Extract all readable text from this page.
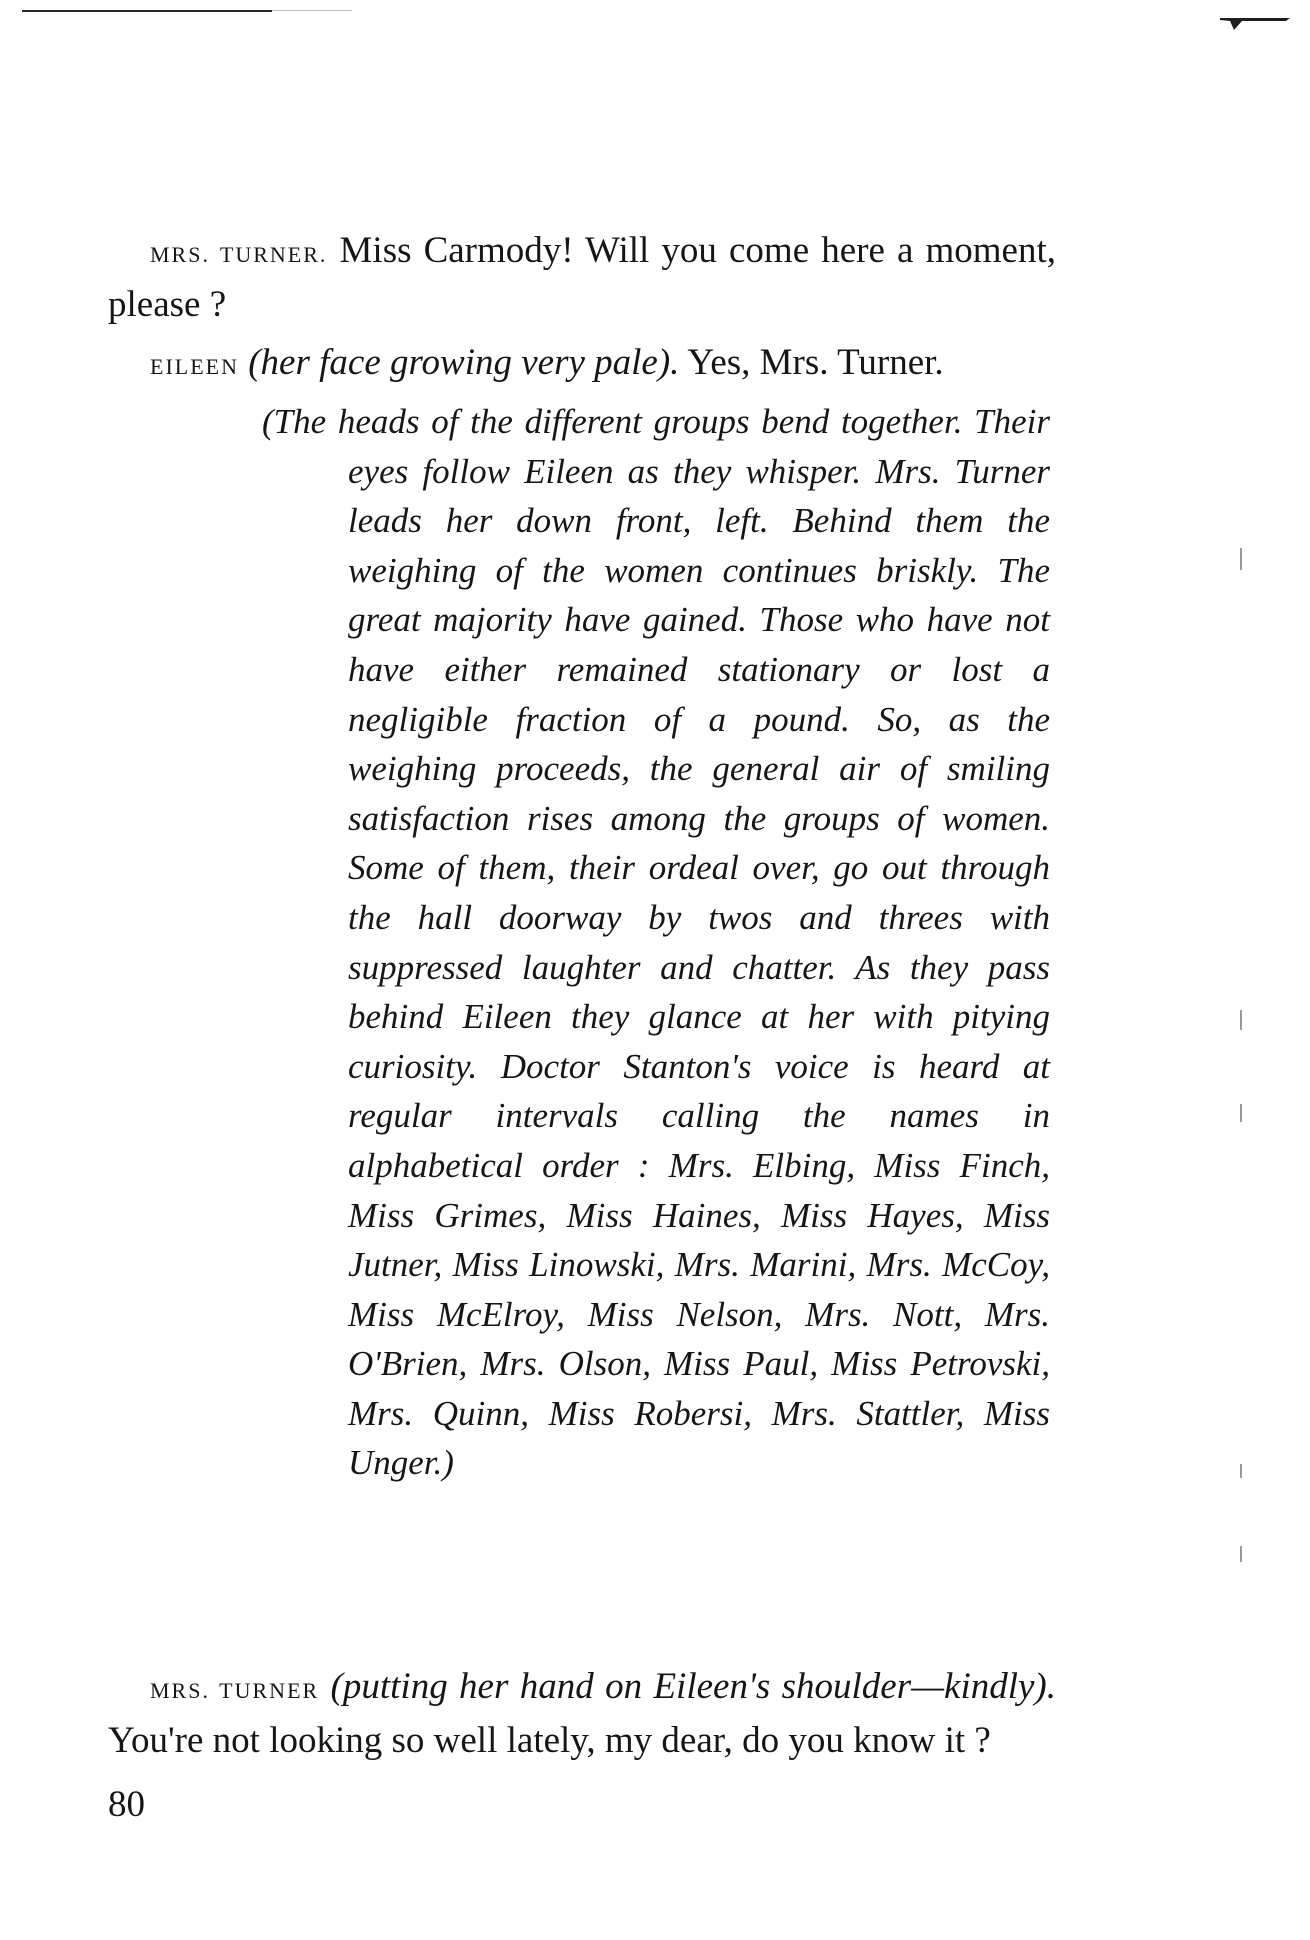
MRS. TURNER. Miss Carmody! Will you come here a moment, please ?
EILEEN (her face growing very pale). Yes, Mrs. Turner.
(The heads of the different groups bend together. Their eyes follow Eileen as they whisper. Mrs. Turner leads her down front, left. Behind them the weighing of the women continues briskly. The great majority have gained. Those who have not have either remained stationary or lost a negligible fraction of a pound. So, as the weighing proceeds, the general air of smiling satisfaction rises among the groups of women. Some of them, their ordeal over, go out through the hall doorway by twos and threes with suppressed laughter and chatter. As they pass behind Eileen they glance at her with pitying curiosity. Doctor Stanton's voice is heard at regular intervals calling the names in alphabetical order : Mrs. Elbing, Miss Finch, Miss Grimes, Miss Haines, Miss Hayes, Miss Jutner, Miss Linowski, Mrs. Marini, Mrs. McCoy, Miss McElroy, Miss Nelson, Mrs. Nott, Mrs. O'Brien, Mrs. Olson, Miss Paul, Miss Petrovski, Mrs. Quinn, Miss Robersi, Mrs. Stattler, Miss Unger.)
MRS. TURNER (putting her hand on Eileen's shoulder—kindly). You're not looking so well lately, my dear, do you know it ?
80
